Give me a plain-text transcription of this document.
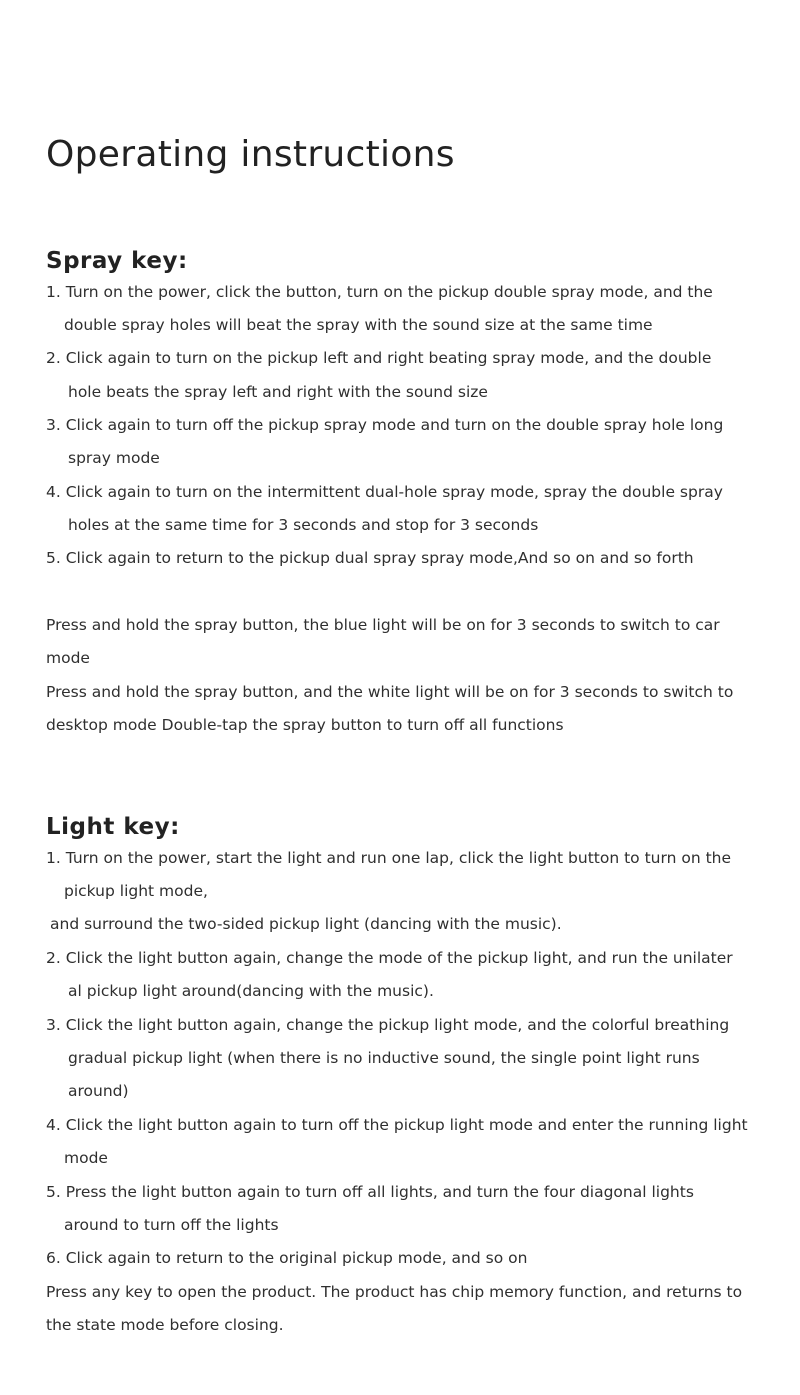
Operating instructions
Spray key:
1. Turn on the power, click the button, turn on the pickup double spray mode, and the
double spray holes will beat the spray with the sound size at the same time
2. Click again to turn on the pickup left and right beating spray mode, and the double
hole beats the spray left and right with the sound size
3. Click again to turn off the pickup spray mode and turn on the double spray hole long
spray mode
4. Click again to turn on the intermittent dual-hole spray mode, spray the double spray
holes at the same time for 3 seconds and stop for 3 seconds
5. Click again to return to the pickup dual spray spray mode,And so on and so forth
Press and hold the spray button, the blue light will be on for 3 seconds to switch to car
mode
Press and hold the spray button, and the white light will be on for 3 seconds to switch to
desktop mode Double-tap the spray button to turn off all functions
Light key:
1. Turn on the power, start the light and run one lap, click the light button to turn on the
pickup light mode,
and surround the two-sided pickup light (dancing with the music).
2. Click the light button again, change the mode of the pickup light, and run the unilater
al pickup light around(dancing with the music).
3. Click the light button again, change the pickup light mode, and the colorful breathing
gradual pickup light (when there is no inductive sound, the single point light runs
around)
4. Click the light button again to turn off the pickup light mode and enter the running light
mode
5. Press the light button again to turn off all lights, and turn the four diagonal lights
around to turn off the lights
6. Click again to return to the original pickup mode, and so on
Press any key to open the product. The product has chip memory function, and returns to
the state mode before closing.
